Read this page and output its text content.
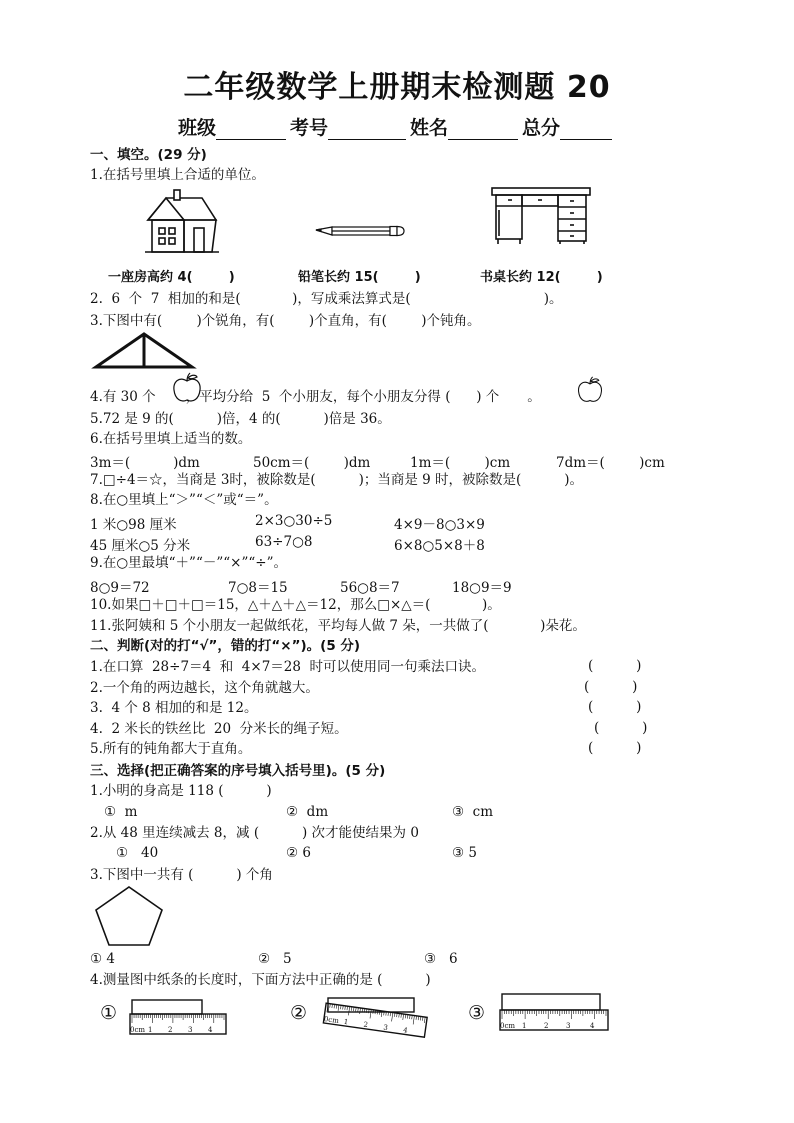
二年级数学上册期末检测题 20
班级	考号	姓名	总分
一、填空。(29 分)
1.在括号里填上合适的单位。
一座房高约 4(        )	铅笔长约 15(        )	书桌长约 12(        )
2.  6  个  7  相加的和是(            )，写成乘法算式是(                               )。
3.下图中有(        )个锐角，有(        )个直角，有(        )个钝角。
4.有 30 个 ，平均分给  5  个小朋友，每个小朋友分得 (      ) 个 。
5.72 是 9 的(          )倍，4 的(          )倍是 36。
6.在括号里填上适当的数。
3m＝(          )dm	50cm＝(        )dm	1m＝(        )cm	7dm＝(        )cm
7.□÷4＝☆，当商是 3时，被除数是(          )；当商是 9 时，被除数是(          )。
8.在○里填上“＞”“＜”或“＝”。
1 米○98 厘米	2×3○30÷5	4×9－8○3×9
45 厘米○5 分米	63÷7○8	6×8○5×8＋8
9.在○里最填“＋”“－”“×”“÷”。
8○9＝72	7○8＝15	56○8＝7	18○9＝9
10.如果□＋□＋□＝15，△＋△＋△＝12，那么□×△＝(            )。
11.张阿姨和 5 个小朋友一起做纸花，平均每人做 7 朵，一共做了(            )朵花。
二、判断(对的打“√”，错的打“×”)。(5 分)
1.在口算  28÷7＝4  和  4×7＝28  时可以使用同一句乘法口诀。	(          )
2.一个角的两边越长，这个角就越大。	(          )
3.  4 个 8 相加的和是 12。	(          )
4.  2 米长的铁丝比  20  分米长的绳子短。	(          )
5.所有的钝角都大于直角。	(          )
三、选择(把正确答案的序号填入括号里)。(5 分)
1.小明的身高是 118 (          )
①  m	②  dm	③  cm
2.从 48 里连续减去 8，减 (          ) 次才能使结果为 0
①   40	② 6	③ 5
3.下图中一共有 (          ) 个角
① 4	②   5	③   6
4.测量图中纸条的长度时，下面方法中正确的是 (          )
①	②	③
0cm 1 2 3 4
0cm 1 2 3 4
0cm 1	2	3	4
